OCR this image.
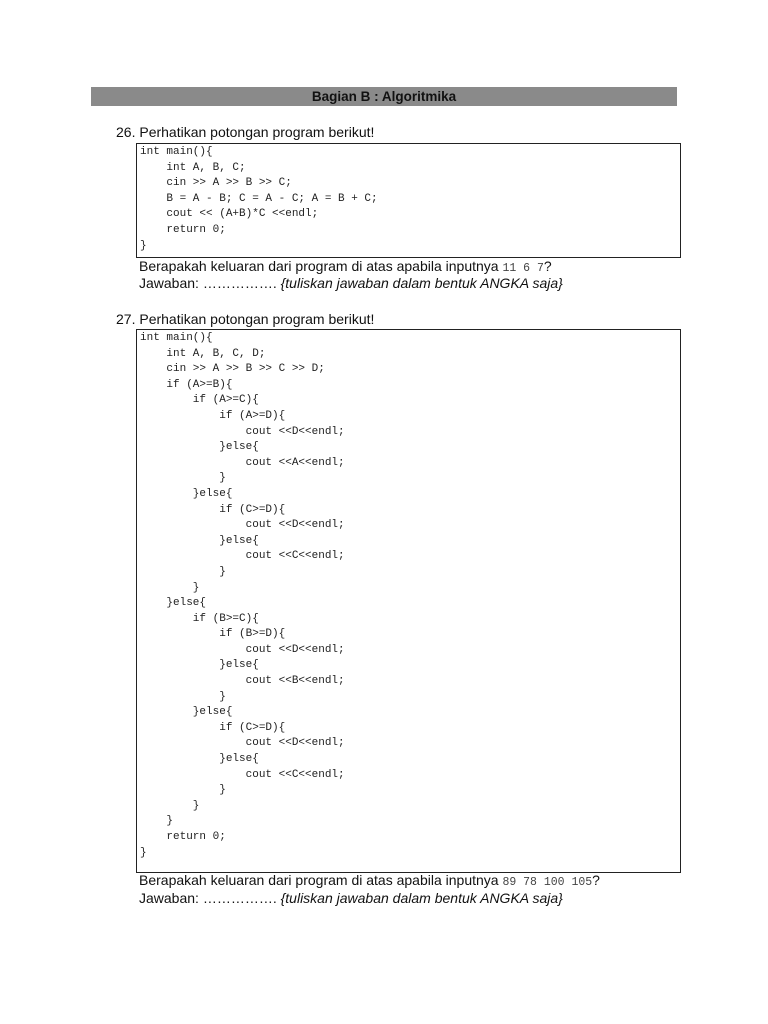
Bagian B : Algoritmika
26. Perhatikan potongan program berikut!
int main(){
int A, B, C;
cin >> A >> B >> C;
B = A - B; C = A - C; A = B + C;
cout << (A+B)*C <<endl;
return 0;
}
Berapakah keluaran dari program di atas apabila inputnya 11 6 7?
Jawaban: ……………. {tuliskan jawaban dalam bentuk ANGKA saja}
27. Perhatikan potongan program berikut!
int main(){
int A, B, C, D;
cin >> A >> B >> C >> D;
if (A>=B){
if (A>=C){
if (A>=D){
cout <<D<<endl;
}else{
cout <<A<<endl;
}
}else{
if (C>=D){
cout <<D<<endl;
}else{
cout <<C<<endl;
}
}
}else{
if (B>=C){
if (B>=D){
cout <<D<<endl;
}else{
cout <<B<<endl;
}
}else{
if (C>=D){
cout <<D<<endl;
}else{
cout <<C<<endl;
}
}
}
return 0;
}
Berapakah keluaran dari program di atas apabila inputnya 89 78 100 105?
Jawaban: ……………. {tuliskan jawaban dalam bentuk ANGKA saja}
